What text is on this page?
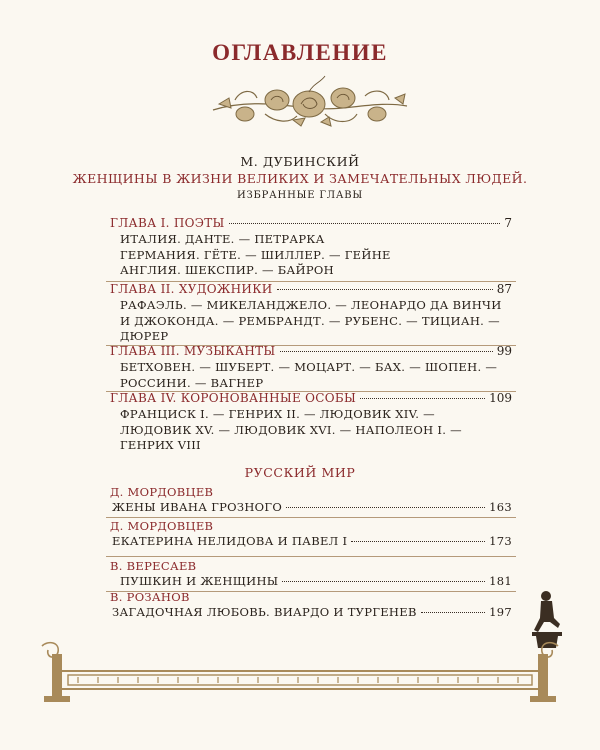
ОГЛАВЛЕНИЕ
М. ДУБИНСКИЙ
ЖЕНЩИНЫ В ЖИЗНИ ВЕЛИКИХ И ЗАМЕЧАТЕЛЬНЫХ ЛЮДЕЙ.
ИЗБРАННЫЕ ГЛАВЫ
ГЛАВА I. ПОЭТЫ	7
ИТАЛИЯ. ДАНТЕ. — ПЕТРАРКА
ГЕРМАНИЯ. ГЁТЕ. — ШИЛЛЕР. — ГЕЙНЕ
АНГЛИЯ. ШЕКСПИР. — БАЙРОН
ГЛАВА II. ХУДОЖНИКИ	87
РАФАЭЛЬ. — МИКЕЛАНДЖЕЛО. — ЛЕОНАРДО ДА ВИНЧИ
И ДЖОКОНДА. — РЕМБРАНДТ. — РУБЕНС. — ТИЦИАН. —
ДЮРЕР
ГЛАВА III. МУЗЫКАНТЫ	99
БЕТХОВЕН. — ШУБЕРТ. — МОЦАРТ. — БАХ. — ШОПЕН. —
РОССИНИ. — ВАГНЕР
ГЛАВА IV. КОРОНОВАННЫЕ ОСОБЫ	109
ФРАНЦИСК I. — ГЕНРИХ II. — ЛЮДОВИК XIV. —
ЛЮДОВИК XV. — ЛЮДОВИК XVI. — НАПОЛЕОН I. —
ГЕНРИХ VIII
РУССКИЙ МИР
Д. МОРДОВЦЕВ
ЖЕНЫ ИВАНА ГРОЗНОГО	163
Д. МОРДОВЦЕВ
ЕКАТЕРИНА НЕЛИДОВА И ПАВЕЛ I	173
В. ВЕРЕСАЕВ
ПУШКИН И ЖЕНЩИНЫ	181
В. РОЗАНОВ
ЗАГАДОЧНАЯ ЛЮБОВЬ. ВИАРДО И ТУРГЕНЕВ	197
